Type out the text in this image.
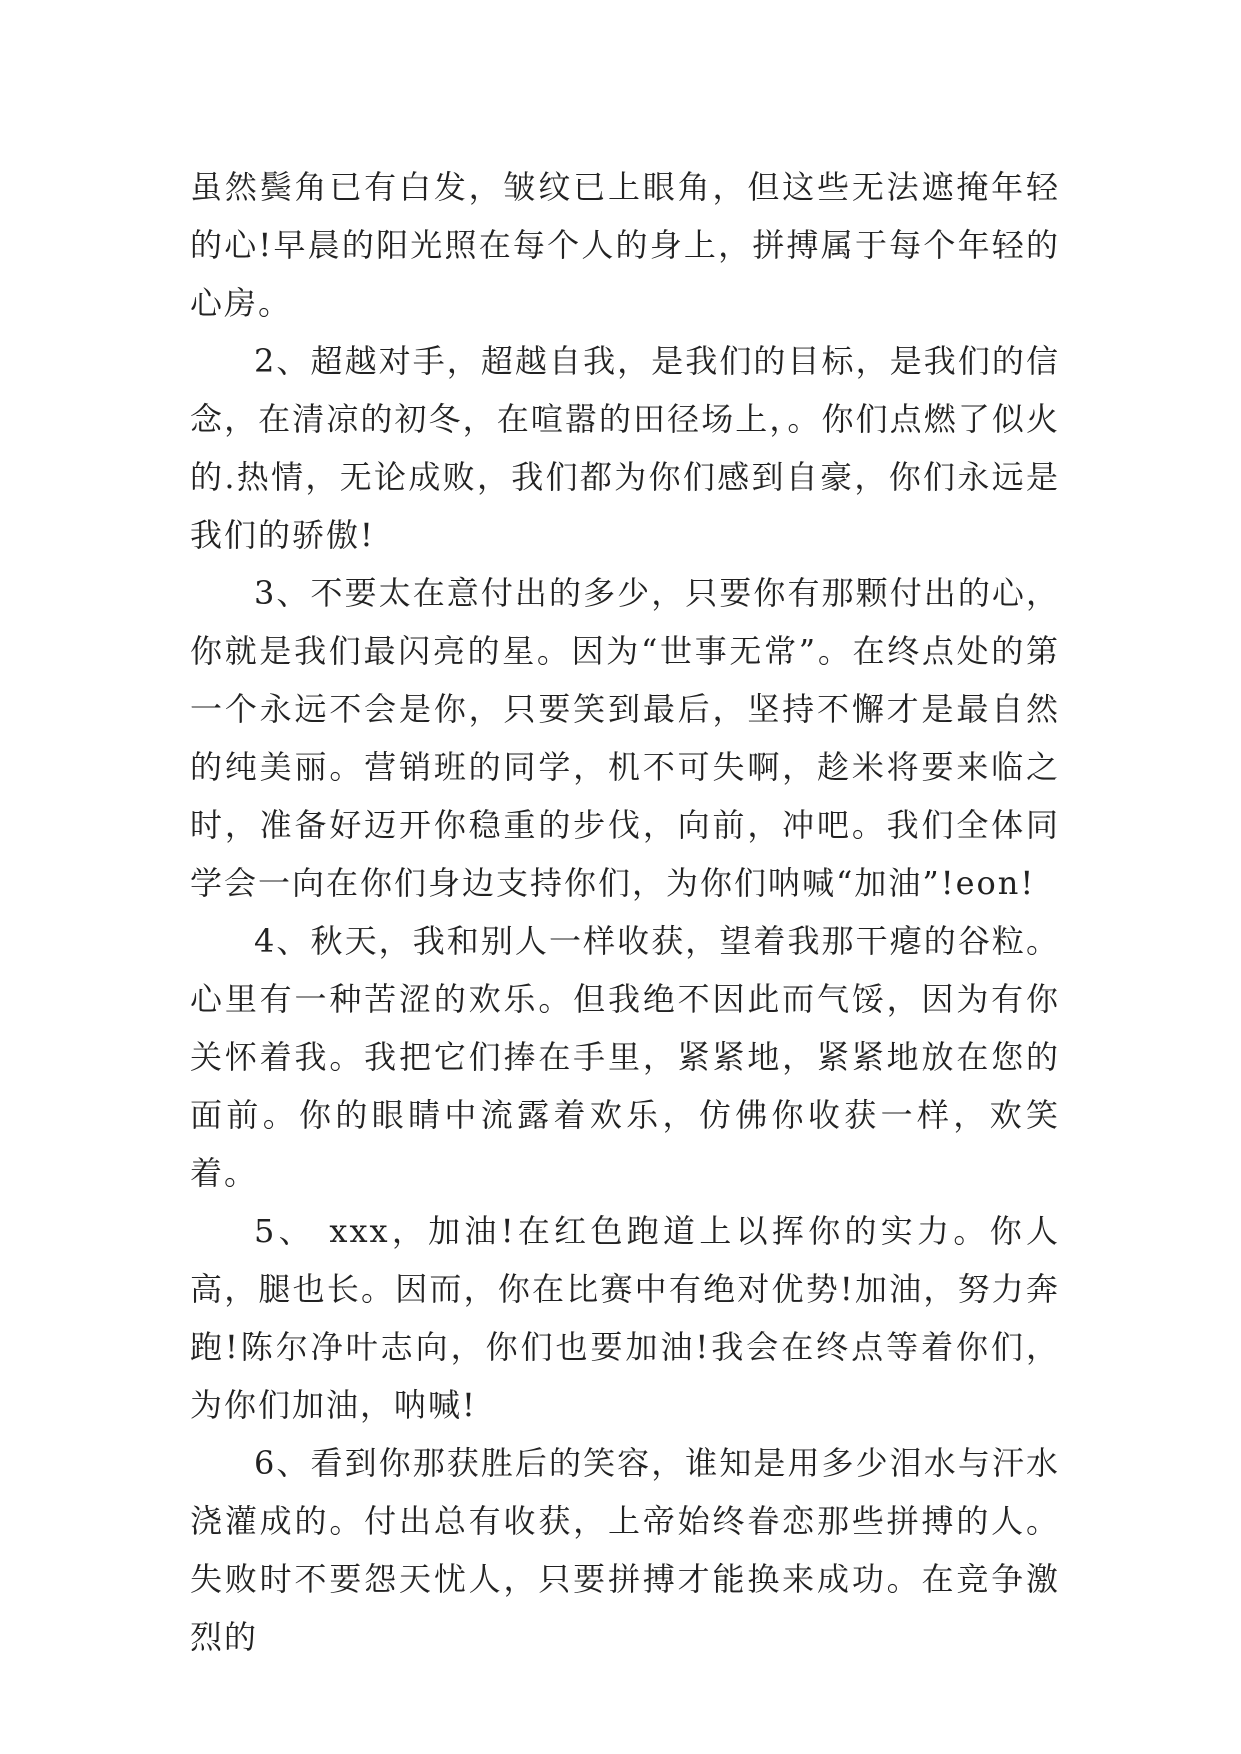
虽然鬓角已有白发，皱纹已上眼角，但这些无法遮掩年轻的心!早晨的阳光照在每个人的身上，拼搏属于每个年轻的心房。

2、超越对手，超越自我，是我们的目标，是我们的信念，在清凉的初冬，在喧嚣的田径场上，。你们点燃了似火的.热情，无论成败，我们都为你们感到自豪，你们永远是我们的骄傲!

3、不要太在意付出的多少，只要你有那颗付出的心，你就是我们最闪亮的星。因为“世事无常”。在终点处的第一个永远不会是你，只要笑到最后，坚持不懈才是最自然的纯美丽。营销班的同学，机不可失啊，趁米将要来临之时，准备好迈开你稳重的步伐，向前，冲吧。我们全体同学会一向在你们身边支持你们，为你们呐喊“加油”!eon!

4、秋天，我和别人一样收获，望着我那干瘪的谷粒。心里有一种苦涩的欢乐。但我绝不因此而气馁，因为有你关怀着我。我把它们捧在手里，紧紧地，紧紧地放在您的面前。你的眼睛中流露着欢乐，仿佛你收获一样，欢笑着。

5、 xxx，加油!在红色跑道上以挥你的实力。你人高，腿也长。因而，你在比赛中有绝对优势!加油，努力奔跑!陈尔净叶志向，你们也要加油!我会在终点等着你们，为你们加油，呐喊!

6、看到你那获胜后的笑容，谁知是用多少泪水与汗水浇灌成的。付出总有收获，上帝始终眷恋那些拼搏的人。失败时不要怨天忧人，只要拼搏才能换来成功。在竞争激烈的
